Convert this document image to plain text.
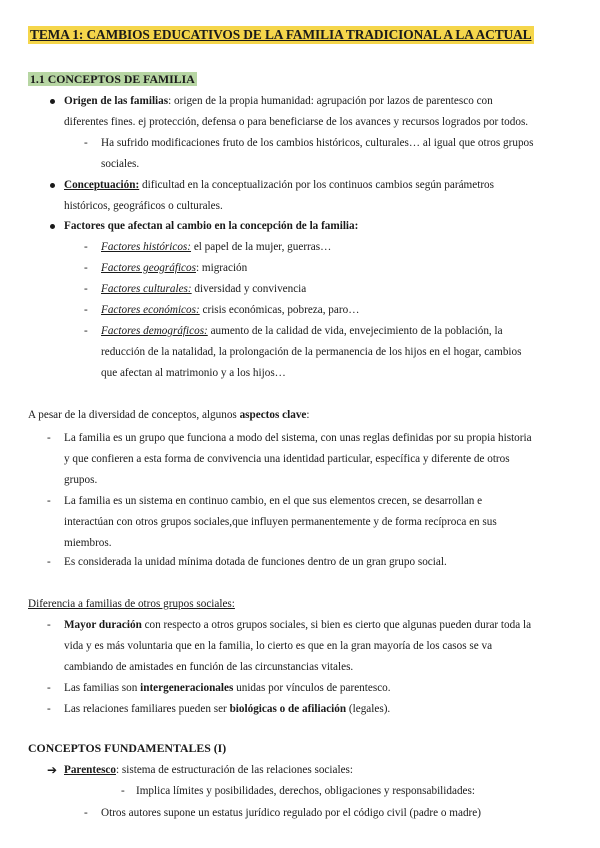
TEMA 1: CAMBIOS EDUCATIVOS DE LA FAMILIA TRADICIONAL A LA ACTUAL
1.1 CONCEPTOS DE FAMILIA
Origen de las familias: origen de la propia humanidad: agrupación por lazos de parentesco con
diferentes fines. ej protección, defensa o para beneficiarse de los avances y recursos logrados por todos.
- Ha sufrido modificaciones fruto de los cambios históricos, culturales… al igual que otros grupos
sociales.
Conceptuación: dificultad en la conceptualización por los continuos cambios según parámetros
históricos, geográficos o culturales.
Factores que afectan al cambio en la concepción de la familia:
- Factores históricos: el papel de la mujer, guerras…
- Factores geográficos: migración
- Factores culturales: diversidad y convivencia
- Factores económicos: crisis económicas, pobreza, paro…
- Factores demográficos: aumento de la calidad de vida, envejecimiento de la población, la
reducción de la natalidad, la prolongación de la permanencia de los hijos en el hogar, cambios
que afectan al matrimonio y a los hijos…
A pesar de la diversidad de conceptos, algunos aspectos clave:
- La familia es un grupo que funciona a modo del sistema, con unas reglas definidas por su propia historia
y que confieren a esta forma de convivencia una identidad particular, específica y diferente de otros
grupos.
- La familia es un sistema en continuo cambio, en el que sus elementos crecen, se desarrollan e
interactúan con otros grupos sociales,que influyen permanentemente y de forma recíproca en sus
miembros.
- Es considerada la unidad mínima dotada de funciones dentro de un gran grupo social.
Diferencia a familias de otros grupos sociales:
- Mayor duración con respecto a otros grupos sociales, si bien es cierto que algunas pueden durar toda la
vida y es más voluntaria que en la familia, lo cierto es que en la gran mayoría de los casos se va
cambiando de amistades en función de las circunstancias vitales.
- Las familias son intergeneracionales unidas por vínculos de parentesco.
- Las relaciones familiares pueden ser biológicas o de afiliación (legales).
CONCEPTOS FUNDAMENTALES (I)
➔ Parentesco: sistema de estructuración de las relaciones sociales:
- Implica límites y posibilidades, derechos, obligaciones y responsabilidades:
- Otros autores supone un estatus jurídico regulado por el código civil (padre o madre)
